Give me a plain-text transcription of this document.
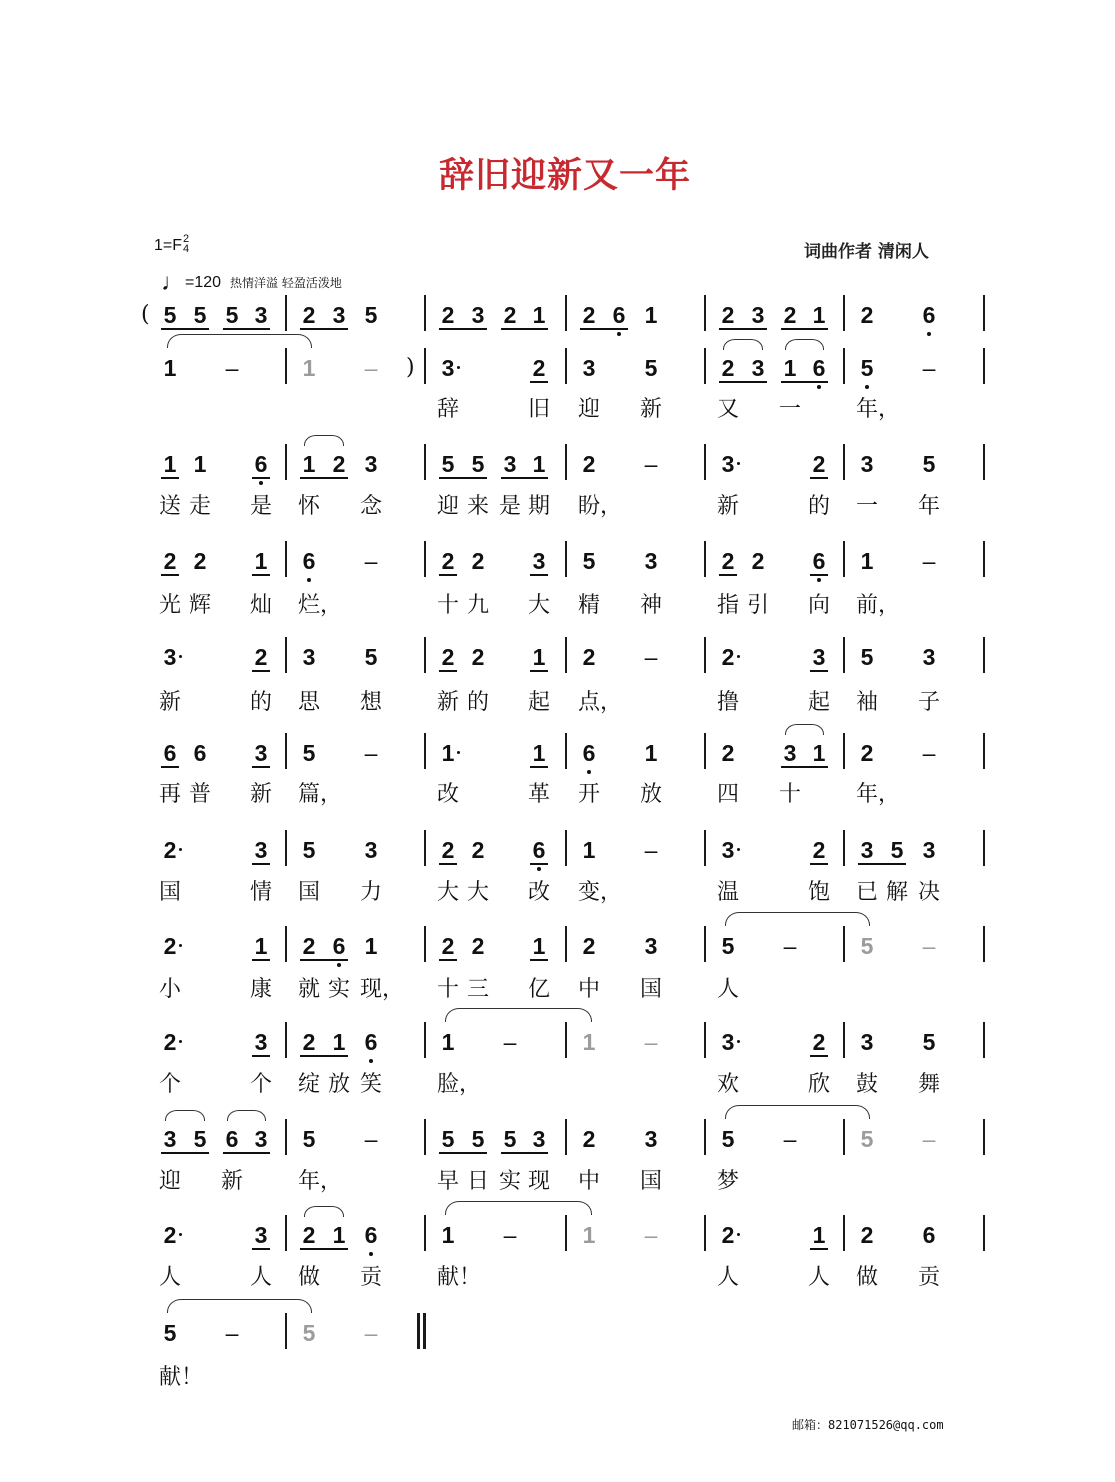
辞旧迎新又一年
1=F 2
4
♩=120 热情洋溢 轻盈活泼地
词曲作者 清闲人
( 5 5 5 3 2 3 5	2 3 2 1 2 6 1	2 3 2 1 2 6
)
1 –	1 –	3	2 3 5	2 3 1 6 5 –
辞	旧 迎 新 又 一 年，
1 1 6 1 2 3	5 5 3 1 2 –	3	2 3 5
送 走 是 怀 念 迎 来 是 期 盼，	新	的 一 年
2 2 1 6 –	2 2 3 5 3	2 2 6 1 –
光 辉 灿 烂，	十 九 大 精 神 指 引 向 前，
3	2 3 5	2 2 1 2 –	2	3 5 3
新	的 思 想 新 的 起 点，	撸	起 袖 子
6 6 3 5 –	1	1 6 1	2 3 1 2 –
再 普 新 篇，	改	革 开 放 四 十 年，
2	3 5 3	2 2 6 1 –	3	2 3 5 3
国	情 国 力 大 大 改 变，	温	饱 已 解 决
2	1 2 6 1	2 2 1 2 3	5 –	5 –
小	康 就 实 现， 十 三 亿 中 国 人
2	3 2 1 6	1 –	1 –	3	2 3 5
个	个 绽 放 笑 脸，	欢	欣 鼓 舞
3 5 6 3 5 –	5 5 5 3 2 3	5 –	5 –
迎 新 年，	早 日 实 现 中 国 梦
2	3 2 1 6	1 –	1 –	2	1 2 6
人	人 做 贡 献！	人	人 做 贡
5 –	5 –
献！
邮箱：821071526@qq.com
